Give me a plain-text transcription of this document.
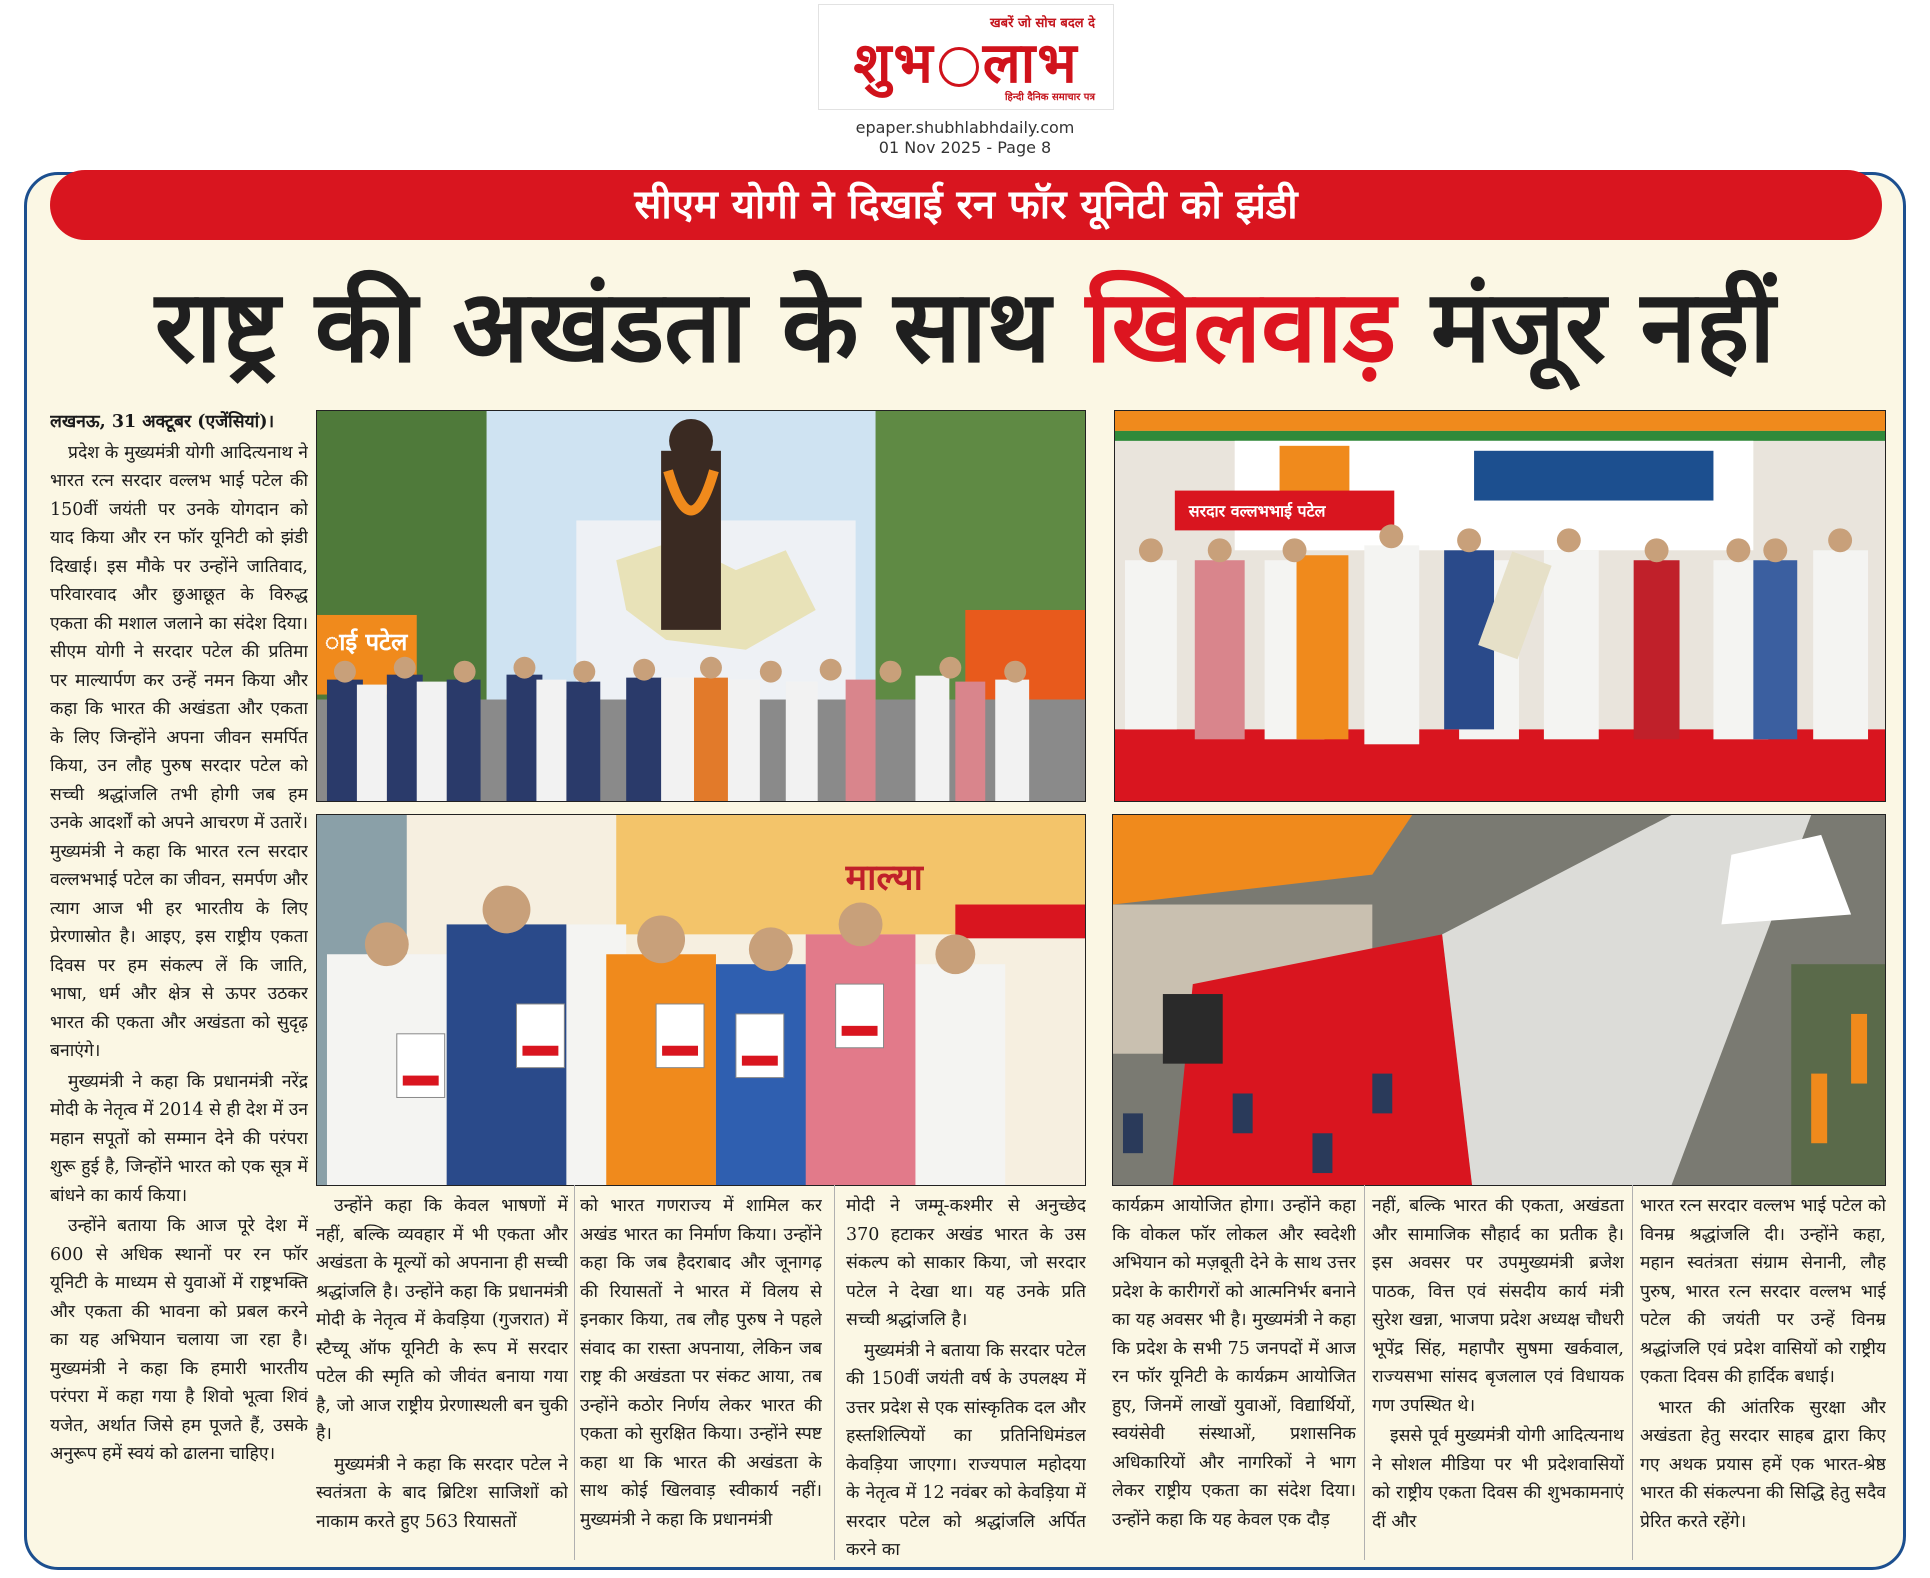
खबरें जो सोच बदल दे
शुभ लाभ
हिन्दी दैनिक समाचार पत्र
epaper.shubhlabhdaily.com
01 Nov 2025 - Page 8
सीएम योगी ने दिखाई रन फॉर यूनिटी को झंडी
राष्ट्र की अखंडता के साथ खिलवाड़ मंजूर नहीं

लखनऊ, 31 अक्टूबर (एजेंसियां)।

प्रदेश के मुख्यमंत्री योगी आदित्यनाथ ने भारत रत्न सरदार वल्लभ भाई पटेल की 150वीं जयंती पर उनके योगदान को याद किया और रन फॉर यूनिटी को झंडी दिखाई। इस मौके पर उन्होंने जातिवाद, परिवारवाद और छुआछूत के विरुद्ध एकता की मशाल जलाने का संदेश दिया। सीएम योगी ने सरदार पटेल की प्रतिमा पर माल्यार्पण कर उन्हें नमन किया और कहा कि भारत की अखंडता और एकता के लिए जिन्होंने अपना जीवन समर्पित किया, उन लौह पुरुष सरदार पटेल को सच्ची श्रद्धांजलि तभी होगी जब हम उनके आदर्शों को अपने आचरण में उतारें। मुख्यमंत्री ने कहा कि भारत रत्न सरदार वल्लभभाई पटेल का जीवन, समर्पण और त्याग आज भी हर भारतीय के लिए प्रेरणास्रोत है। आइए, इस राष्ट्रीय एकता दिवस पर हम संकल्प लें कि जाति, भाषा, धर्म और क्षेत्र से ऊपर उठकर भारत की एकता और अखंडता को सुदृढ़ बनाएंगे।

मुख्यमंत्री ने कहा कि प्रधानमंत्री नरेंद्र मोदी के नेतृत्व में 2014 से ही देश में उन महान सपूतों को सम्मान देने की परंपरा शुरू हुई है, जिन्होंने भारत को एक सूत्र में बांधने का कार्य किया।

उन्होंने बताया कि आज पूरे देश में 600 से अधिक स्थानों पर रन फॉर यूनिटी के माध्यम से युवाओं में राष्ट्रभक्ति और एकता की भावना को प्रबल करने का यह अभियान चलाया जा रहा है। मुख्यमंत्री ने कहा कि हमारी भारतीय परंपरा में कहा गया है शिवो भूत्वा शिवं यजेत, अर्थात जिसे हम पूजते हैं, उसके अनुरूप हमें स्वयं को ढालना चाहिए।

ाई पटेल
सरदार वल्लभभाई पटेल
माल्या

उन्होंने कहा कि केवल भाषणों में नहीं, बल्कि व्यवहार में भी एकता और अखंडता के मूल्यों को अपनाना ही सच्ची श्रद्धांजलि है। उन्होंने कहा कि प्रधानमंत्री मोदी के नेतृत्व में केवड़िया (गुजरात) में स्टैच्यू ऑफ यूनिटी के रूप में सरदार पटेल की स्मृति को जीवंत बनाया गया है, जो आज राष्ट्रीय प्रेरणास्थली बन चुकी है।

मुख्यमंत्री ने कहा कि सरदार पटेल ने स्वतंत्रता के बाद ब्रिटिश साजिशों को नाकाम करते हुए 563 रियासतों

को भारत गणराज्य में शामिल कर अखंड भारत का निर्माण किया। उन्होंने कहा कि जब हैदराबाद और जूनागढ़ की रियासतों ने भारत में विलय से इनकार किया, तब लौह पुरुष ने पहले संवाद का रास्ता अपनाया, लेकिन जब राष्ट्र की अखंडता पर संकट आया, तब उन्होंने कठोर निर्णय लेकर भारत की एकता को सुरक्षित किया। उन्होंने स्पष्ट कहा था कि भारत की अखंडता के साथ कोई खिलवाड़ स्वीकार्य नहीं। मुख्यमंत्री ने कहा कि प्रधानमंत्री

मोदी ने जम्मू-कश्मीर से अनुच्छेद 370 हटाकर अखंड भारत के उस संकल्प को साकार किया, जो सरदार पटेल ने देखा था। यह उनके प्रति सच्ची श्रद्धांजलि है।

मुख्यमंत्री ने बताया कि सरदार पटेल की 150वीं जयंती वर्ष के उपलक्ष्य में उत्तर प्रदेश से एक सांस्कृतिक दल और हस्तशिल्पियों का प्रतिनिधिमंडल केवड़िया जाएगा। राज्यपाल महोदया के नेतृत्व में 12 नवंबर को केवड़िया में सरदार पटेल को श्रद्धांजलि अर्पित करने का

कार्यक्रम आयोजित होगा। उन्होंने कहा कि वोकल फॉर लोकल और स्वदेशी अभियान को मज़बूती देने के साथ उत्तर प्रदेश के कारीगरों को आत्मनिर्भर बनाने का यह अवसर भी है। मुख्यमंत्री ने कहा कि प्रदेश के सभी 75 जनपदों में आज रन फॉर यूनिटी के कार्यक्रम आयोजित हुए, जिनमें लाखों युवाओं, विद्यार्थियों, स्वयंसेवी संस्थाओं, प्रशासनिक अधिकारियों और नागरिकों ने भाग लेकर राष्ट्रीय एकता का संदेश दिया। उन्होंने कहा कि यह केवल एक दौड़

नहीं, बल्कि भारत की एकता, अखंडता और सामाजिक सौहार्द का प्रतीक है। इस अवसर पर उपमुख्यमंत्री ब्रजेश पाठक, वित्त एवं संसदीय कार्य मंत्री सुरेश खन्ना, भाजपा प्रदेश अध्यक्ष चौधरी भूपेंद्र सिंह, महापौर सुषमा खर्कवाल, राज्यसभा सांसद बृजलाल एवं विधायक गण उपस्थित थे।

इससे पूर्व मुख्यमंत्री योगी आदित्यनाथ ने सोशल मीडिया पर भी प्रदेशवासियों को राष्ट्रीय एकता दिवस की शुभकामनाएं दीं और

भारत रत्न सरदार वल्लभ भाई पटेल को विनम्र श्रद्धांजलि दी। उन्होंने कहा, महान स्वतंत्रता संग्राम सेनानी, लौह पुरुष, भारत रत्न सरदार वल्लभ भाई पटेल की जयंती पर उन्हें विनम्र श्रद्धांजलि एवं प्रदेश वासियों को राष्ट्रीय एकता दिवस की हार्दिक बधाई।

भारत की आंतरिक सुरक्षा और अखंडता हेतु सरदार साहब द्वारा किए गए अथक प्रयास हमें एक भारत-श्रेष्ठ भारत की संकल्पना की सिद्धि हेतु सदैव प्रेरित करते रहेंगे।
